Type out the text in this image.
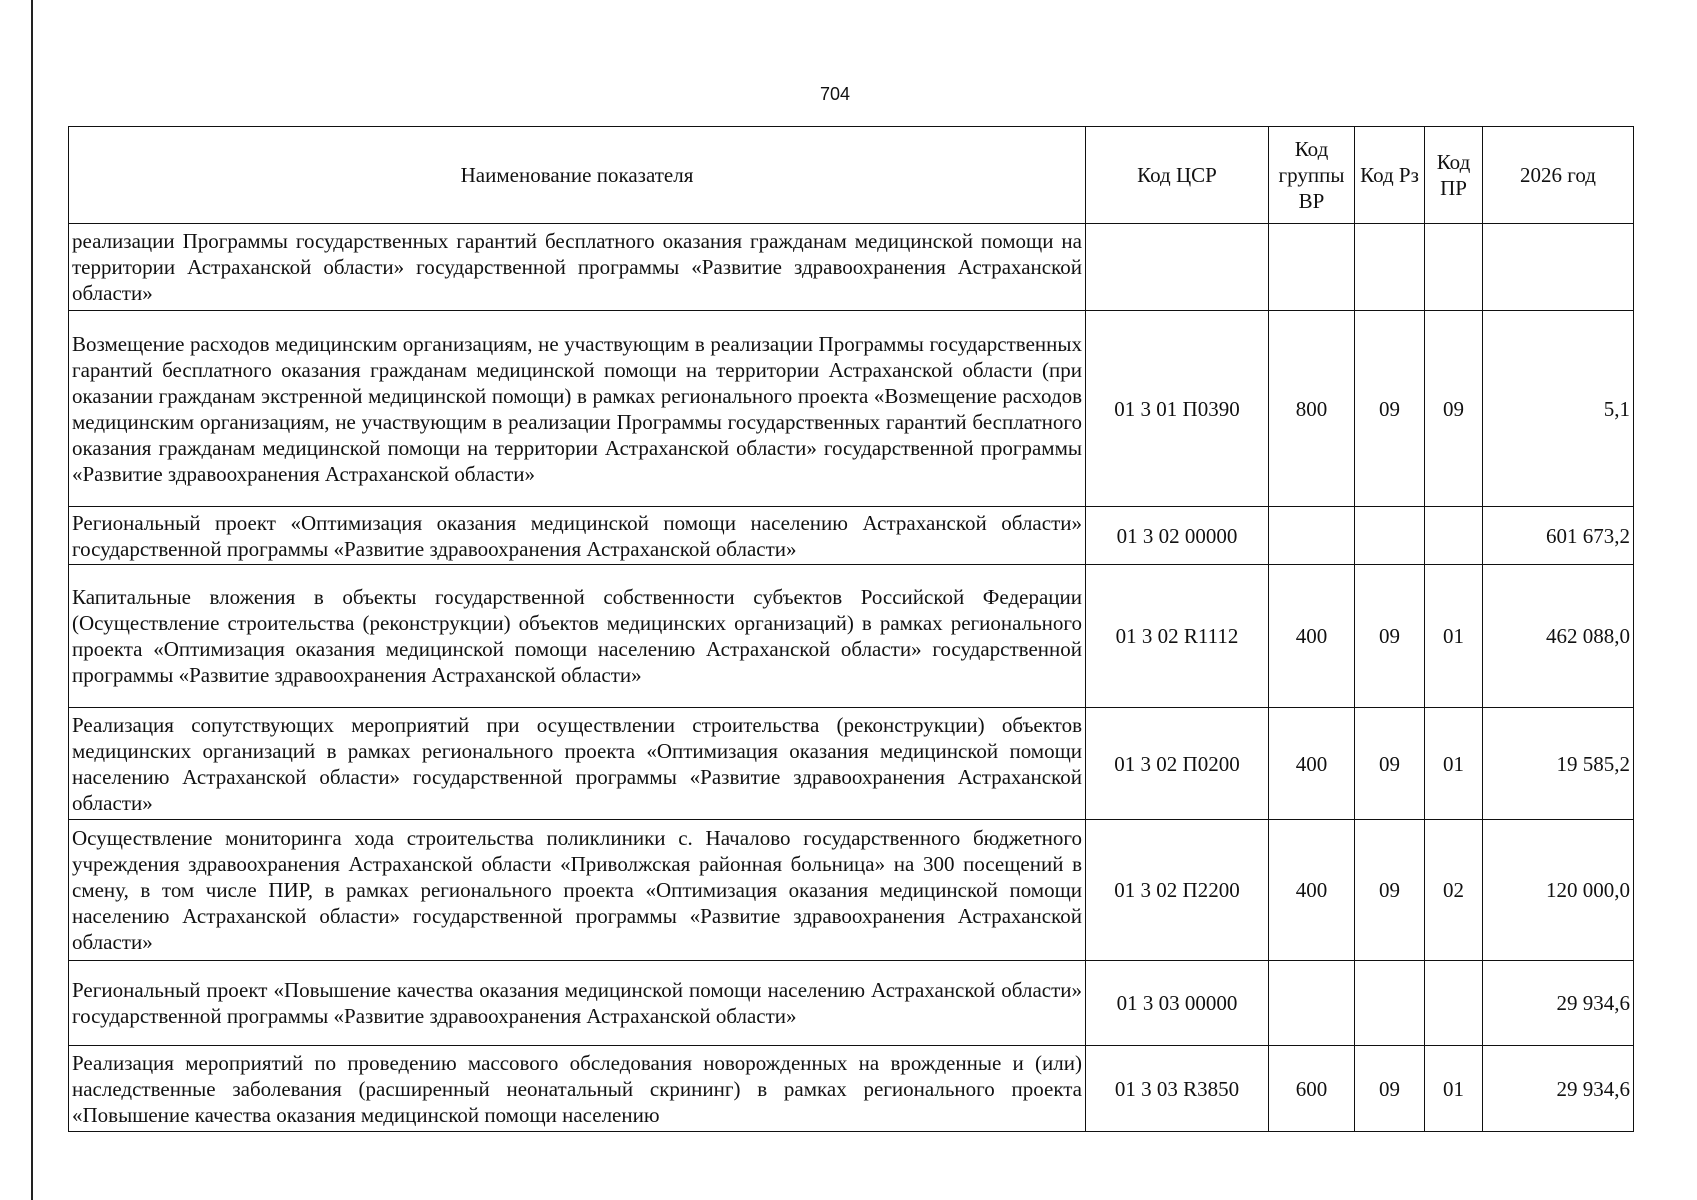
704
Наименование показателя	Код ЦСР	Код группы ВР	Код Рз	Код ПР	2026 год
реализации Программы государственных гарантий бесплатного оказания гражданам медицинской помощи на территории Астраханской области» государственной программы «Развитие здравоохранения Астраханской области»					
Возмещение расходов медицинским организациям, не участвующим в реализации Программы государственных гарантий бесплатного оказания гражданам медицинской помощи на территории Астраханской области (при оказании гражданам экстренной медицинской помощи) в рамках регионального проекта «Возмещение расходов медицинским организациям, не участвующим в реализации Программы государственных гарантий бесплатного оказания гражданам медицинской помощи на территории Астраханской области» государственной программы «Развитие здравоохранения Астраханской области»	01 3 01 П0390	800	09	09	5,1
Региональный проект «Оптимизация оказания медицинской помощи населению Астраханской области» государственной программы «Развитие здравоохранения Астраханской области»	01 3 02 00000				601 673,2
Капитальные вложения в объекты государственной собственности субъектов Российской Федерации (Осуществление строительства (реконструкции) объектов медицинских организаций) в рамках регионального проекта «Оптимизация оказания медицинской помощи населению Астраханской области» государственной программы «Развитие здравоохранения Астраханской области»	01 3 02 R1112	400	09	01	462 088,0
Реализация сопутствующих мероприятий при осуществлении строительства (реконструкции) объектов медицинских организаций в рамках регионального проекта «Оптимизация оказания медицинской помощи населению Астраханской области» государственной программы «Развитие здравоохранения Астраханской области»	01 3 02 П0200	400	09	01	19 585,2
Осуществление мониторинга хода строительства поликлиники с. Началово государственного бюджетного учреждения здравоохранения Астраханской области «Приволжская районная больница» на 300 посещений в смену, в том числе ПИР, в рамках регионального проекта «Оптимизация оказания медицинской помощи населению Астраханской области» государственной программы «Развитие здравоохранения Астраханской области»	01 3 02 П2200	400	09	02	120 000,0
Региональный проект «Повышение качества оказания медицинской помощи населению Астраханской области» государственной программы «Развитие здравоохранения Астраханской области»	01 3 03 00000				29 934,6
Реализация мероприятий по проведению массового обследования новорожденных на врожденные и (или) наследственные заболевания (расширенный неонатальный скрининг) в рамках регионального проекта «Повышение качества оказания медицинской помощи населению	01 3 03 R3850	600	09	01	29 934,6
